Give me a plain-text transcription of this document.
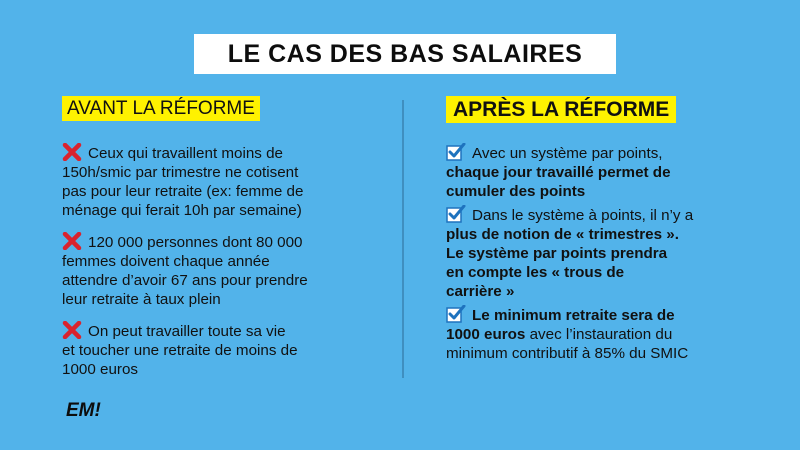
LE CAS DES BAS SALAIRES
AVANT LA RÉFORME
Ceux qui travaillent moins de
150h/smic par trimestre ne cotisent
pas pour leur retraite (ex: femme de
ménage qui ferait 10h par semaine)
120 000 personnes dont 80 000
femmes doivent chaque année
attendre d’avoir 67 ans pour prendre
leur retraite à taux plein
On peut travailler toute sa vie
et toucher une retraite de moins de
1000 euros
APRÈS LA RÉFORME
Avec un système par points,
chaque jour travaillé permet de
cumuler des points
Dans le système à points, il n’y a
plus de notion de « trimestres ».
Le système par points prendra
en compte les « trous de
carrière »
Le minimum retraite sera de
1000 euros avec l’instauration du
minimum contributif à 85% du SMIC
EM!
